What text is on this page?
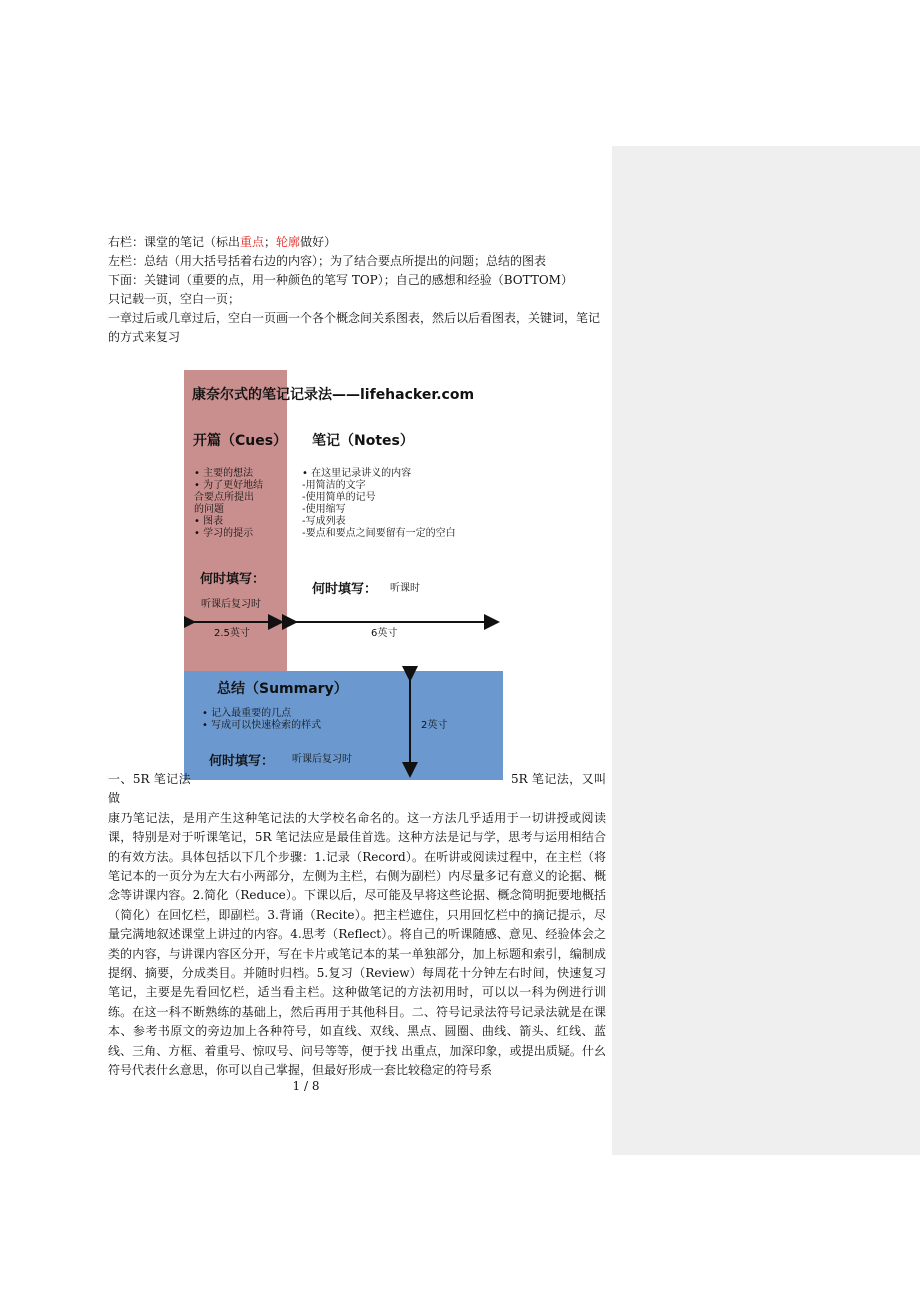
右栏：课堂的笔记（标出重点；轮廓做好）

左栏：总结（用大括号括着右边的内容）；为了结合要点所提出的问题；总结的图表

下面：关键词（重要的点，用一种颜色的笔写 TOP）；自己的感想和经验（BOTTOM）

只记载一页，空白一页；

一章过后或几章过后，空白一页画一个各个概念间关系图表，然后以后看图表，关键词，笔记的方式来复习

康奈尔式的笔记记录法——lifehacker.com
开篇（Cues） 笔记（Notes）
• 主要的想法
• 为了更好地结
合要点所提出
的问题
• 图表
• 学习的提示
• 在这里记录讲义的内容
-用简洁的文字
-使用简单的记号
-使用缩写
-写成列表
-要点和要点之间要留有一定的空白
何时填写：
听课后复习时
何时填写： 听课时
2.5英寸	6英寸
总结（Summary）
• 记入最重要的几点
• 写成可以快速检索的样式	2英寸
何时填写： 听课后复习时

一、5R 笔记法	5R 笔记法，又叫做

康乃笔记法，是用产生这种笔记法的大学校名命名的。这一方法几乎适用于一切讲授或阅读课，特别是对于听课笔记，5R 笔记法应是最佳首选。这种方法是记与学，思考与运用相结合的有效方法。具体包括以下几个步骤：1.记录（Record）。在听讲或阅读过程中，在主栏（将笔记本的一页分为左大右小两部分，左侧为主栏，右侧为副栏）内尽量多记有意义的论据、概念等讲课内容。2.简化（Reduce）。下课以后，尽可能及早将这些论据、概念简明扼要地概括（简化）在回忆栏，即副栏。3.背诵（Recite）。把主栏遮住，只用回忆栏中的摘记提示，尽量完满地叙述课堂上讲过的内容。4.思考（Reflect）。将自己的听课随感、意见、经验体会之类的内容，与讲课内容区分开，写在卡片或笔记本的某一单独部分，加上标题和索引，编制成提纲、摘要，分成类目。并随时归档。5.复习（Review）每周花十分钟左右时间，快速复习笔记，主要是先看回忆栏，适当看主栏。这种做笔记的方法初用时，可以以一科为例进行训练。在这一科不断熟练的基础上，然后再用于其他科目。二、符号记录法符号记录法就是在课本、参考书原文的旁边加上各种符号，如直线、双线、黑点、圆圈、曲线、箭头、红线、蓝线、三角、方框、着重号、惊叹号、问号等等，便于找 出重点，加深印象，或提出质疑。什幺符号代表什幺意思，你可以自己掌握，但最好形成一套比较稳定的符号系

1 / 8
